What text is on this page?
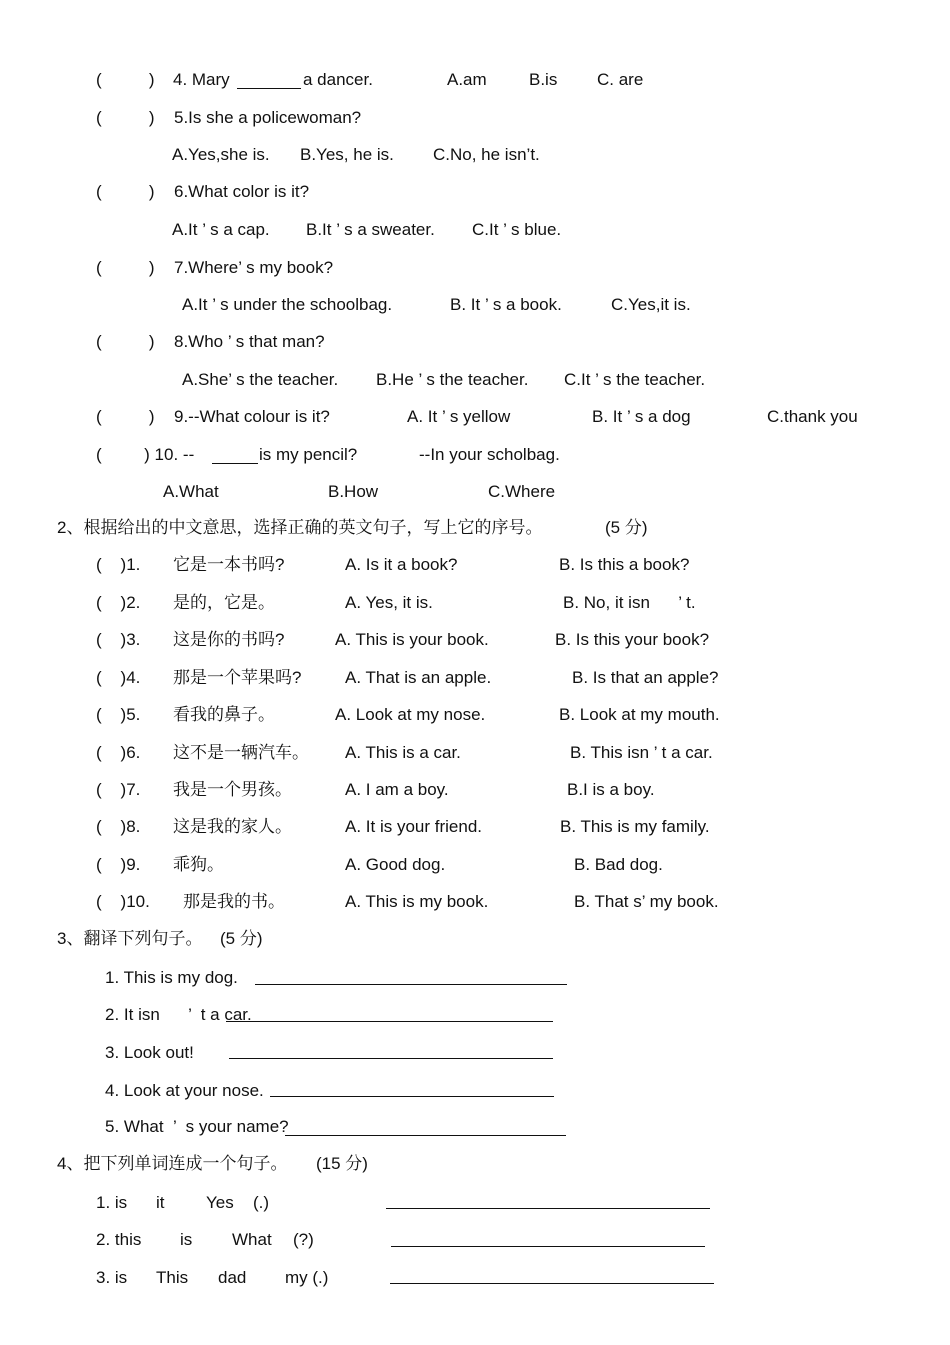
(          ) 4. Mary	a dancer.	A.am B.is C. are
(          ) 5.Is she a policewoman?
A.Yes,she is. B.Yes, he is. C.No, he isn’t.
(          ) 6.What color is it?
A.It ’ s a cap. B.It ’ s a sweater. C.It ’ s blue.
(          ) 7.Where’ s my book?
A.It ’ s under the schoolbag.	B. It ’ s a book.	C.Yes,it is.
(          ) 8.Who ’ s that man?
A.She’ s the teacher. B.He ’ s the teacher. C.It ’ s the teacher.
(          ) 9.--What colour is it?	A. It ’ s yellow	B. It ’ s a dog	C.thank you
(         ) 10. --	is my pencil?	--In your scholbag.
A.What	B.How	C.Where
2、根据给出的中文意思，选择正确的英文句子，写上它的序号。	(5 分)
(    )1. 它是一本书吗?	A. Is it a book?	B. Is this a book?
(    )2. 是的，它是。	A. Yes, it is.	B. No, it isn      ’ t.
(    )3. 这是你的书吗?	A. This is your book.	B. Is this your book?
(    )4. 那是一个苹果吗?	A. That is an apple.	B. Is that an apple?
(    )5. 看我的鼻子。	A. Look at my nose.	B. Look at my mouth.
(    )6. 这不是一辆汽车。 A. This is a car.	B. This isn ’ t a car.
(    )7. 我是一个男孩。	A. I am a boy.	B.I is a boy.
(    )8. 这是我的家人。	A. It is your friend.	B. This is my family.
(    )9. 乖狗。	A. Good dog.	B. Bad dog.
(    )10. 那是我的书。	A. This is my book.	B. That s’ my book.
3、翻译下列句子。 (5 分)
1. This is my dog.
2. It isn      ’  t a car.
3. Look out!
4. Look at your nose.
5. What  ’  s your name?
4、把下列单词连成一个句子。 (15 分)
1. is it Yes (.)
2. this is What (?)
3. is This dad my (.)
